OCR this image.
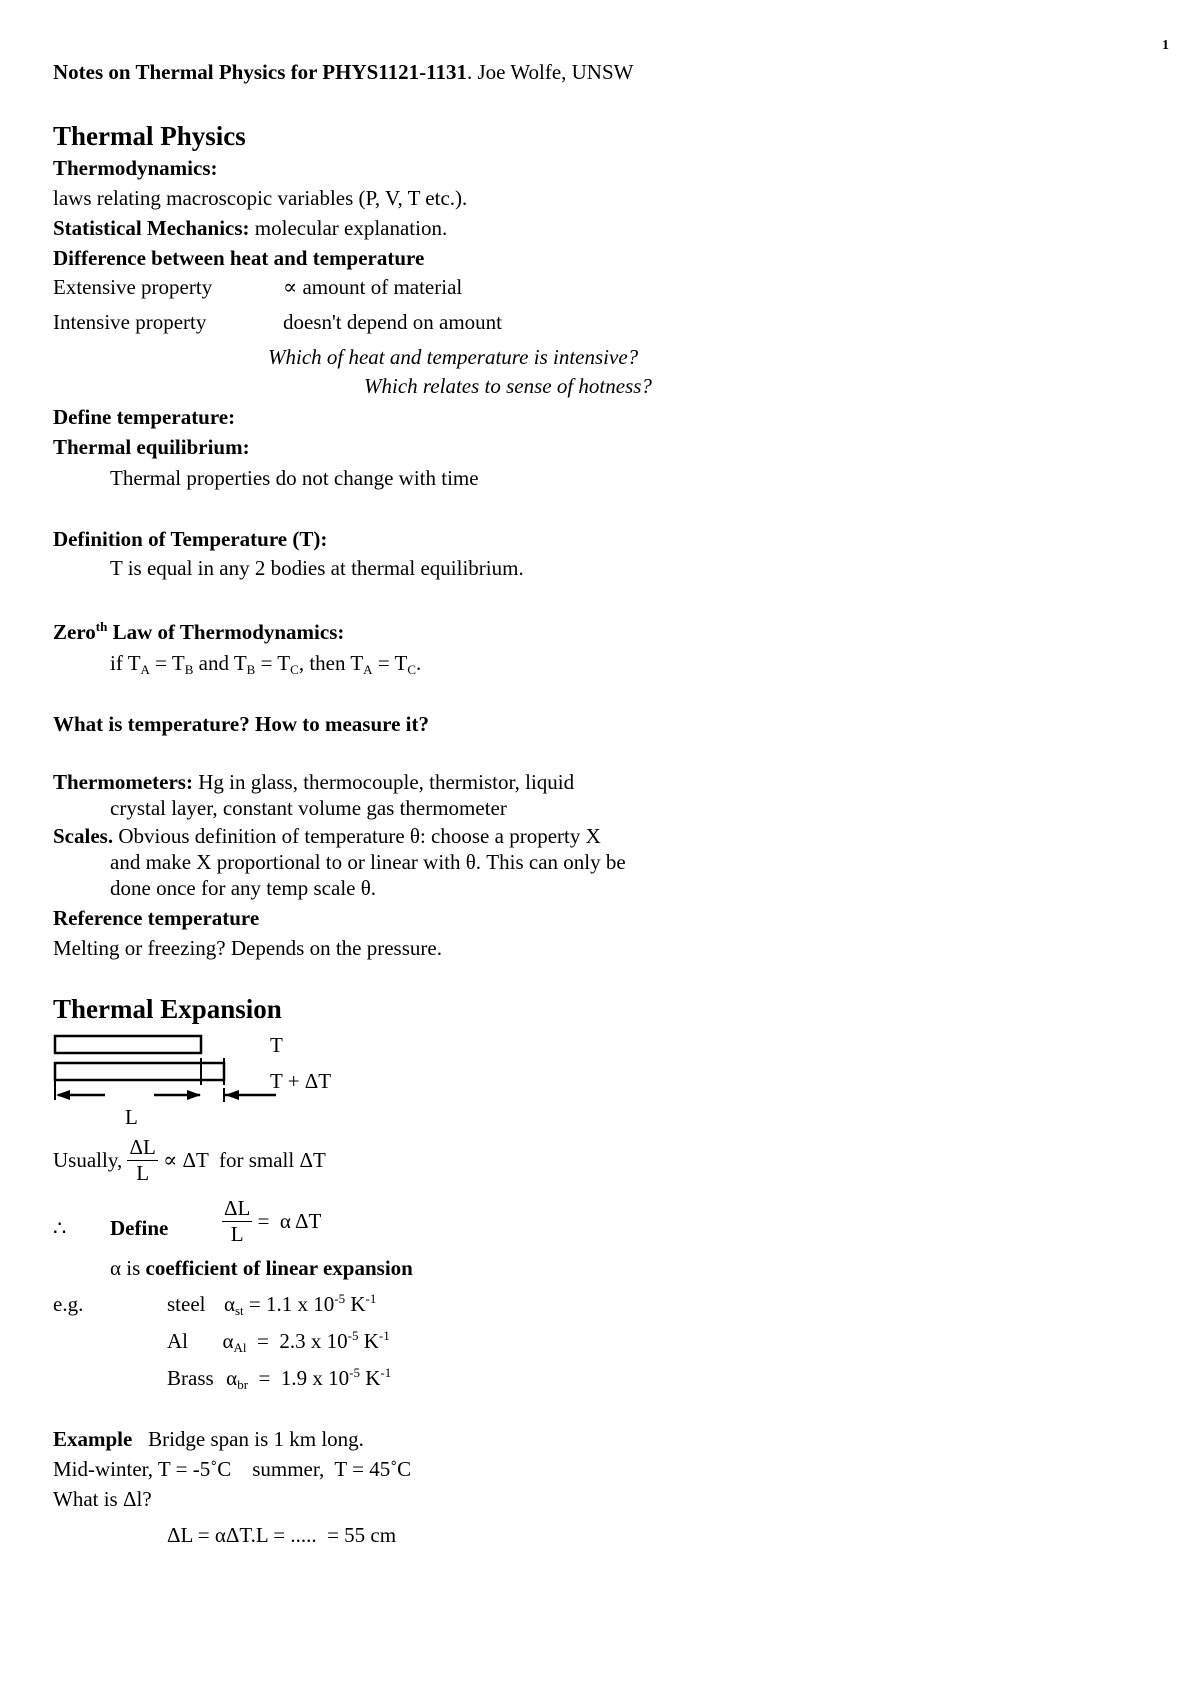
1
Notes on Thermal Physics for PHYS1121-1131. Joe Wolfe, UNSW
Thermal Physics
Thermodynamics:
laws relating macroscopic variables (P, V, T etc.).
Statistical Mechanics: molecular explanation.
Difference between heat and temperature
Extensive property	∝ amount of material
Intensive property	doesn't depend on amount
Which of heat and temperature is intensive?
Which relates to sense of hotness?
Define temperature:
Thermal equilibrium:
Thermal properties do not change with time
Definition of Temperature (T):
T is equal in any 2 bodies at thermal equilibrium.
Zero$^{th}$ Law of Thermodynamics:
if $T_A = T_B$ and $T_B = T_C$, then $T_A = T_C$.
What is temperature? How to measure it?
Thermometers: Hg in glass, thermocouple, thermistor, liquid
crystal layer, constant volume gas thermometer
Scales. Obvious definition of temperature θ: choose a property X
and make X proportional to or linear with θ. This can only be
done once for any temp scale θ.
Reference temperature
Melting or freezing? Depends on the pressure.
Thermal Expansion
T
T + ΔT
L
Usually, $\frac{\Delta L}{L} \propto \Delta T$  for small ΔT
∴ Define	$\frac{\Delta L}{L} = \alpha$ ΔT
α is coefficient of linear expansion
e.g.	steel $\alpha_{st} = 1.1$ x $10^{-5}$ $K^{-1}$
Al $\alpha_{Al} = 2.3$ x $10^{-5}$ $K^{-1}$
Brass $\alpha_{br} = 1.9$ x $10^{-5}$ $K^{-1}$
Example   Bridge span is 1 km long.
Mid-winter, T = -5˚C    summer,  T = 45˚C
What is Δl?
ΔL = αΔT.L = .....  = 55 cm
